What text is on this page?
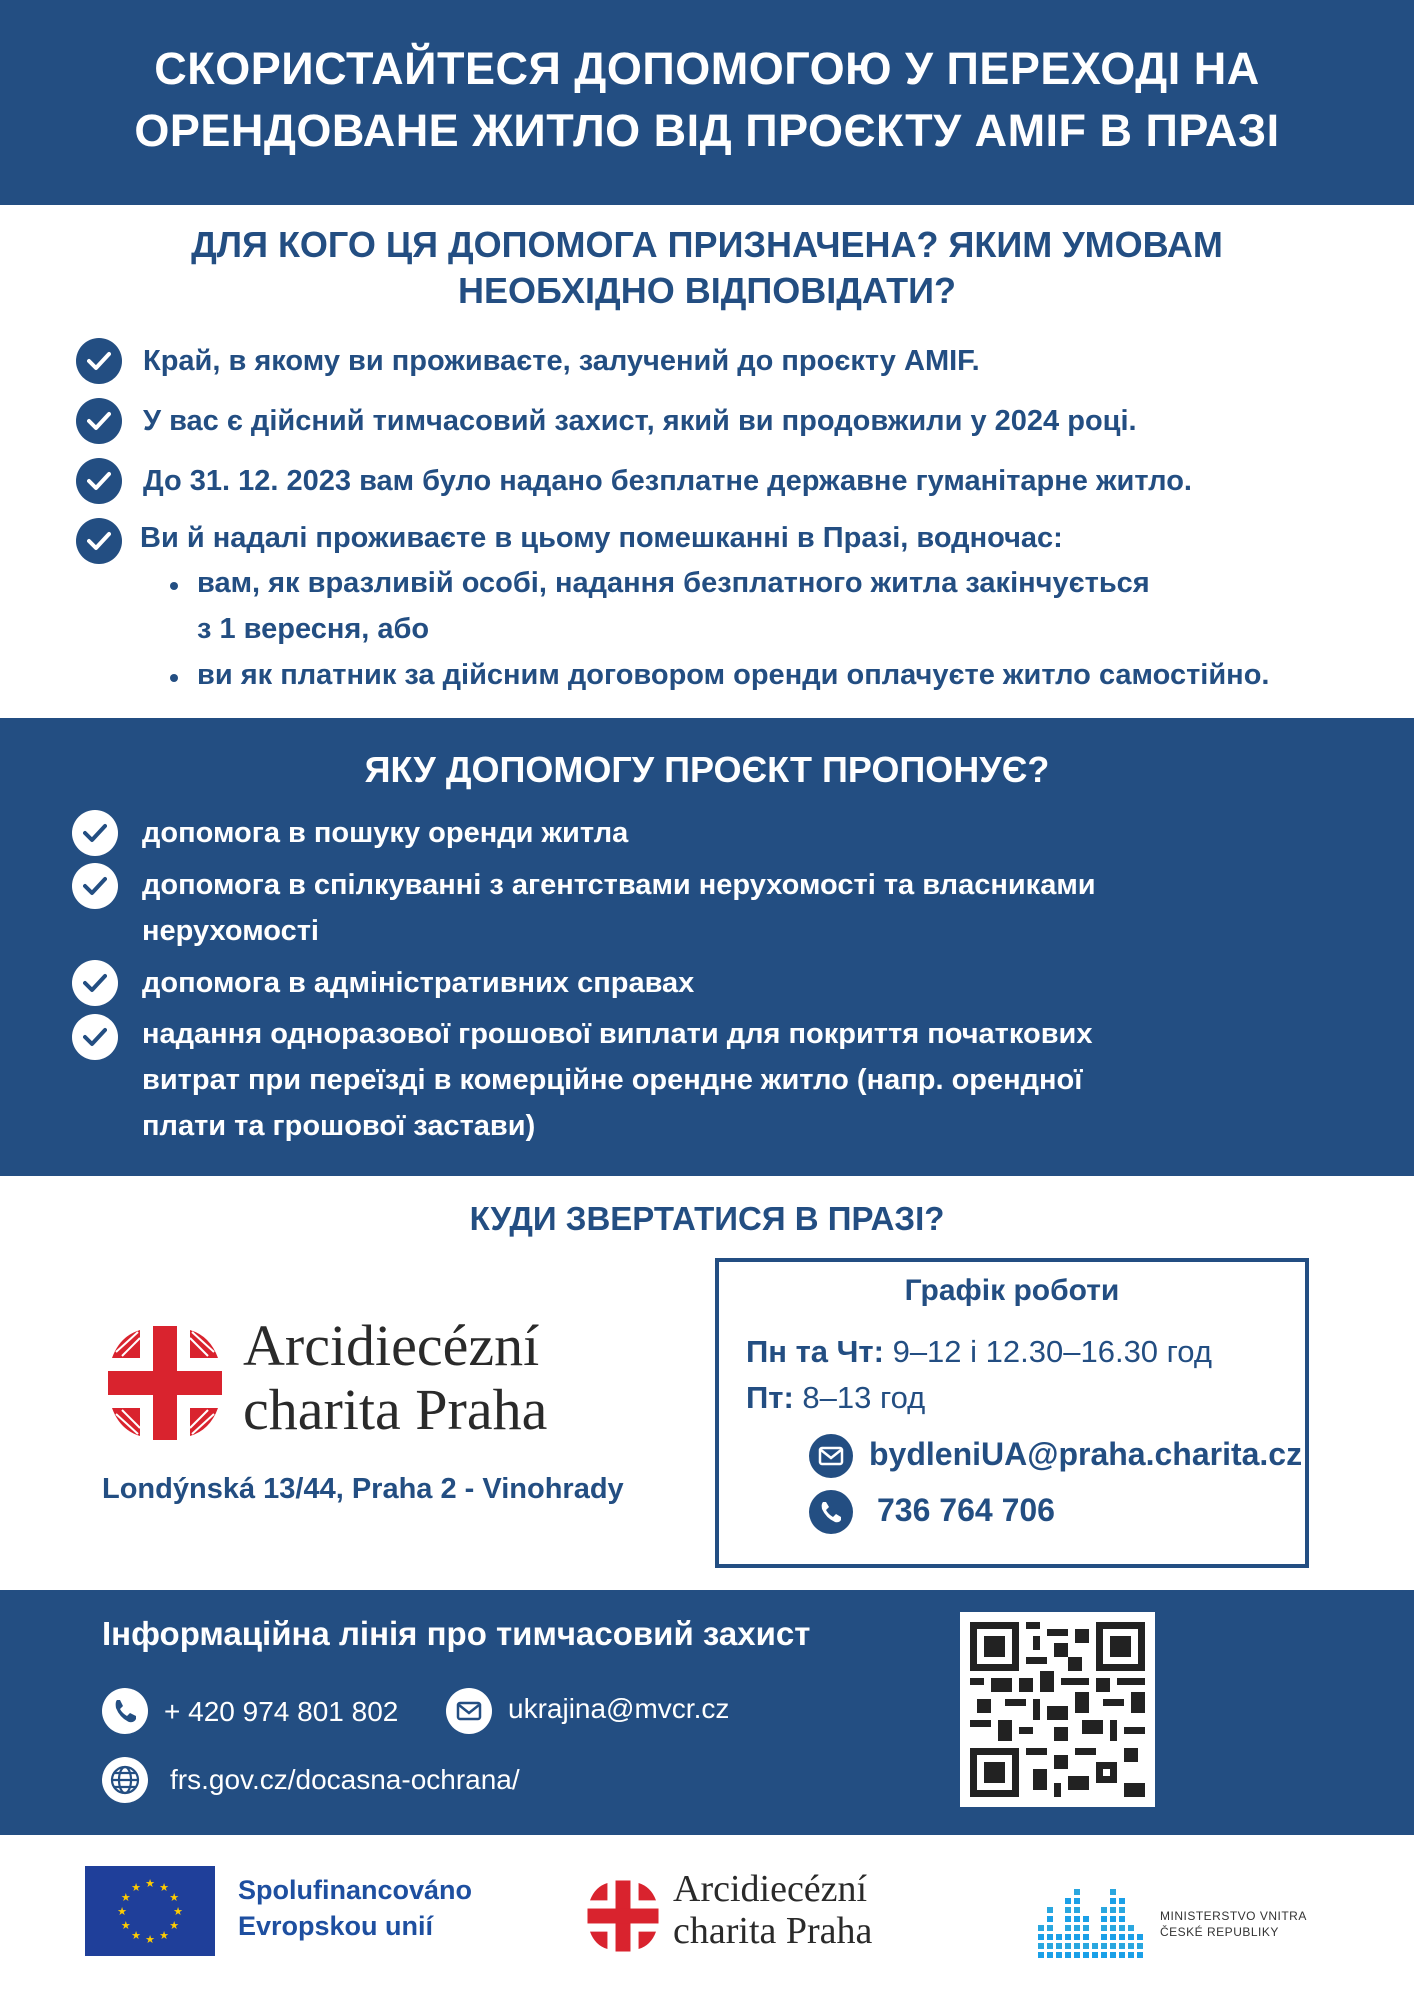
СКОРИСТАЙТЕСЯ ДОПОМОГОЮ У ПЕРЕХОДІ НА
ОРЕНДОВАНЕ ЖИТЛО ВІД ПРОЄКТУ AMIF В ПРАЗІ
ДЛЯ КОГО ЦЯ ДОПОМОГА ПРИЗНАЧЕНА? ЯКИМ УМОВАМ
НЕОБХІДНО ВІДПОВІДАТИ?
Край, в якому ви проживаєте, залучений до проєкту AMIF.
У вас є дійсний тимчасовий захист, який ви продовжили у 2024 році.
До 31. 12. 2023 вам було надано безплатне державне гуманітарне житло.
Ви й надалі проживаєте в цьому помешканні в Празі, водночас:
вам, як вразливій особі, надання безплатного житла закінчується
з 1 вересня, або
ви як платник за дійсним договором оренди оплачуєте житло самостійно.
ЯКУ ДОПОМОГУ ПРОЄКТ ПРОПОНУЄ?
допомога в пошуку оренди житла
допомога в спілкуванні з агентствами нерухомості та власниками
нерухомості
допомога в адміністративних справах
надання одноразової грошової виплати для покриття початкових
витрат при переїзді в комерційне орендне житло (напр. орендної
плати та грошової застави)
КУДИ ЗВЕРТАТИСЯ В ПРАЗІ?
Arcidiecézní
charita Praha
Londýnská 13/44, Praha 2 - Vinohrady
Графік роботи
Пн та Чт: 9–12 і 12.30–16.30 год
Пт: 8–13 год
bydleniUA@praha.charita.cz
736 764 706
Інформаційна лінія про тимчасовий захист
+ 420 974 801 802	ukrajina@mvcr.cz
frs.gov.cz/docasna-ochrana/
★
★
★
★
★
★
★
★
★ ★ ★
★ Spolufinancováno
Evropskou unií
Arcidiecézní
charita Praha	MINISTERSTVO VNITRA
ČESKÉ REPUBLIKY
